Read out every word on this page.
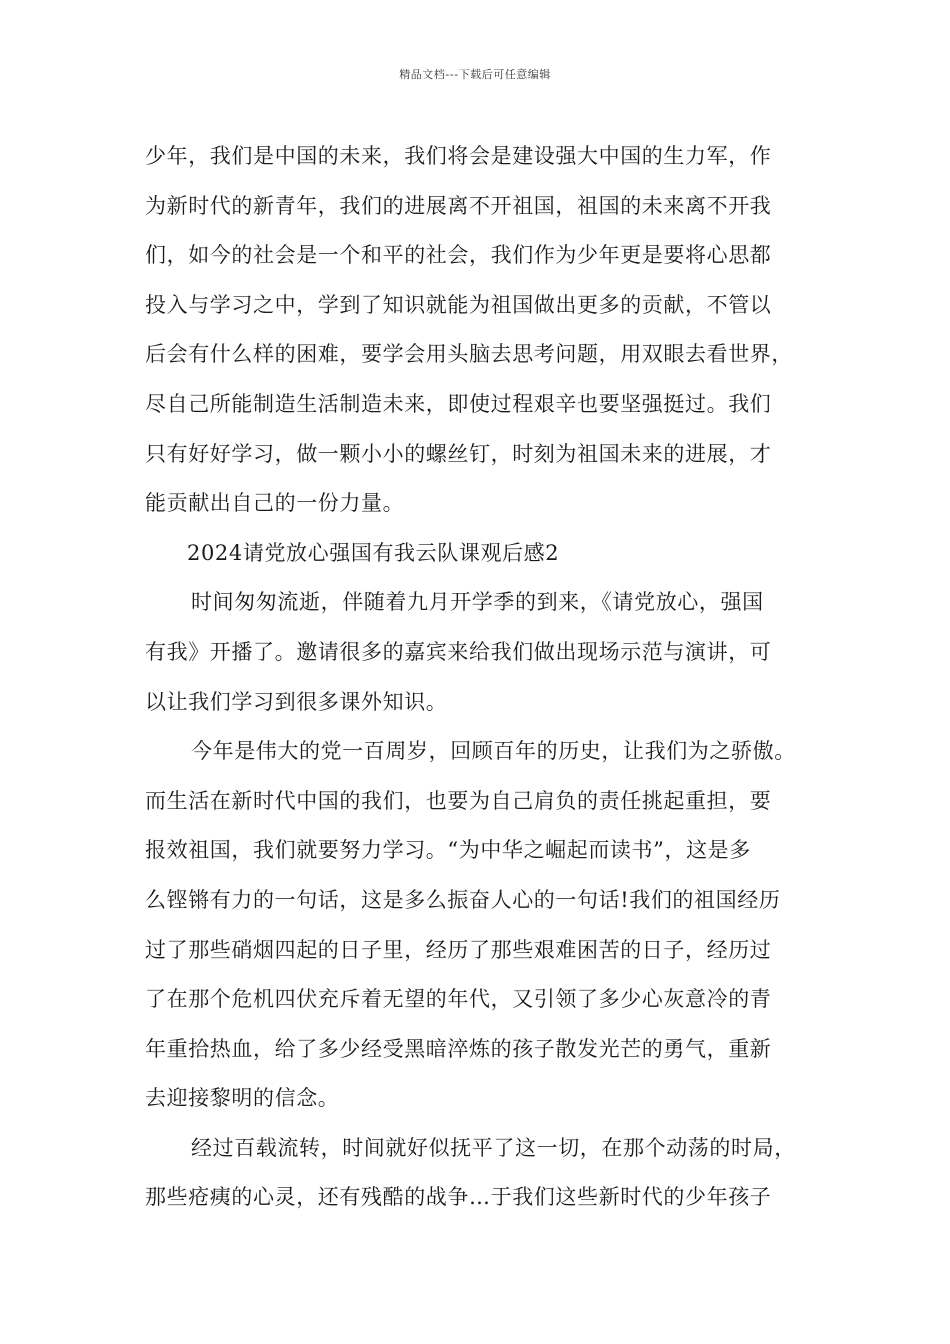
精品文档---下载后可任意编辑
少年，我们是中国的未来，我们将会是建设强大中国的生力军，作
为新时代的新青年，我们的进展离不开祖国，祖国的未来离不开我
们，如今的社会是一个和平的社会，我们作为少年更是要将心思都
投入与学习之中，学到了知识就能为祖国做出更多的贡献，不管以
后会有什么样的困难，要学会用头脑去思考问题，用双眼去看世界，
尽自己所能制造生活制造未来，即使过程艰辛也要坚强挺过。我们
只有好好学习，做一颗小小的螺丝钉，时刻为祖国未来的进展，才
能贡献出自己的一份力量。
2024请党放心强国有我云队课观后感2
时间匆匆流逝，伴随着九月开学季的到来，《请党放心，强国
有我》开播了。邀请很多的嘉宾来给我们做出现场示范与演讲，可
以让我们学习到很多课外知识。
今年是伟大的党一百周岁，回顾百年的历史，让我们为之骄傲。
而生活在新时代中国的我们，也要为自己肩负的责任挑起重担，要
报效祖国，我们就要努力学习。“为中华之崛起而读书”，这是多
么铿锵有力的一句话，这是多么振奋人心的一句话!我们的祖国经历
过了那些硝烟四起的日子里，经历了那些艰难困苦的日子，经历过
了在那个危机四伏充斥着无望的年代，又引领了多少心灰意冷的青
年重拾热血，给了多少经受黑暗淬炼的孩子散发光芒的勇气，重新
去迎接黎明的信念。
经过百载流转，时间就好似抚平了这一切，在那个动荡的时局，
那些疮痍的心灵，还有残酷的战争…于我们这些新时代的少年孩子
